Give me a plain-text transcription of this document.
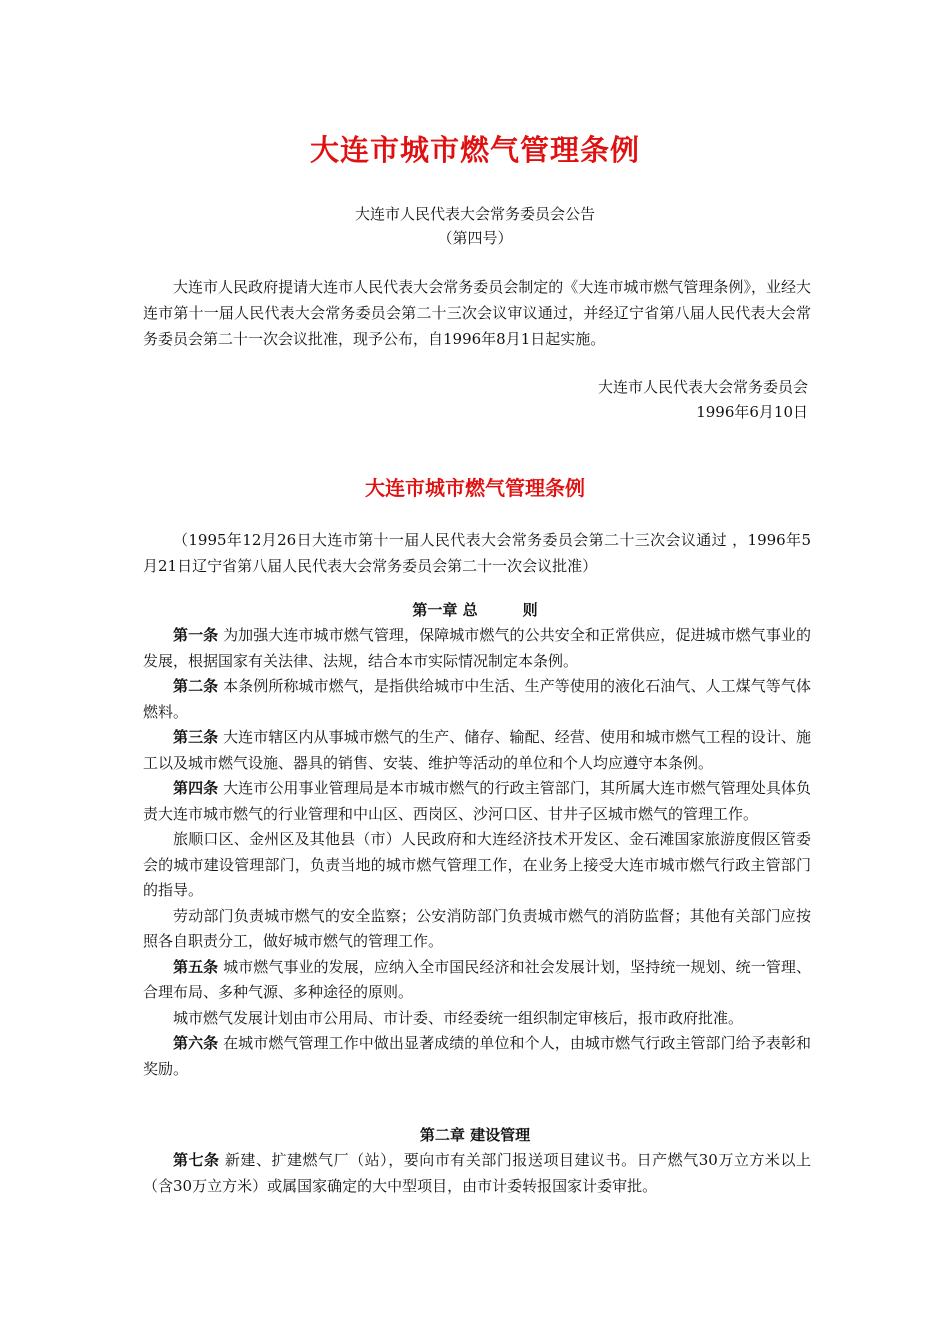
大连市城市燃气管理条例
大连市人民代表大会常务委员会公告
（第四号）
大连市人民政府提请大连市人民代表大会常务委员会制定的《大连市城市燃气管理条例》，业经大连市第十一届人民代表大会常务委员会第二十三次会议审议通过，并经辽宁省第八届人民代表大会常务委员会第二十一次会议批准，现予公布，自1996年8月1日起实施。
大连市人民代表大会常务委员会
1996年6月10日
大连市城市燃气管理条例
（1995年12月26日大连市第十一届人民代表大会常务委员会第二十三次会议通过 ，1996年5月21日辽宁省第八届人民代表大会常务委员会第二十一次会议批准）
第一章 总　　　则

第一条 为加强大连市城市燃气管理，保障城市燃气的公共安全和正常供应，促进城市燃气事业的发展，根据国家有关法律、法规，结合本市实际情况制定本条例。

第二条 本条例所称城市燃气，是指供给城市中生活、生产等使用的液化石油气、人工煤气等气体燃料。

第三条 大连市辖区内从事城市燃气的生产、储存、输配、经营、使用和城市燃气工程的设计、施工以及城市燃气设施、器具的销售、安装、维护等活动的单位和个人均应遵守本条例。

第四条 大连市公用事业管理局是本市城市燃气的行政主管部门，其所属大连市燃气管理处具体负责大连市城市燃气的行业管理和中山区、西岗区、沙河口区、甘井子区城市燃气的管理工作。

旅顺口区、金州区及其他县（市）人民政府和大连经济技术开发区、金石滩国家旅游度假区管委会的城市建设管理部门，负责当地的城市燃气管理工作，在业务上接受大连市城市燃气行政主管部门的指导。

劳动部门负责城市燃气的安全监察；公安消防部门负责城市燃气的消防监督；其他有关部门应按照各自职责分工，做好城市燃气的管理工作。

第五条 城市燃气事业的发展，应纳入全市国民经济和社会发展计划，坚持统一规划、统一管理、合理布局、多种气源、多种途径的原则。

城市燃气发展计划由市公用局、市计委、市经委统一组织制定审核后，报市政府批准。

第六条 在城市燃气管理工作中做出显著成绩的单位和个人，由城市燃气行政主管部门给予表彰和奖励。

第二章 建设管理

第七条 新建、扩建燃气厂（站），要向市有关部门报送项目建议书。日产燃气30万立方米以上（含30万立方米）或属国家确定的大中型项目，由市计委转报国家计委审批。
